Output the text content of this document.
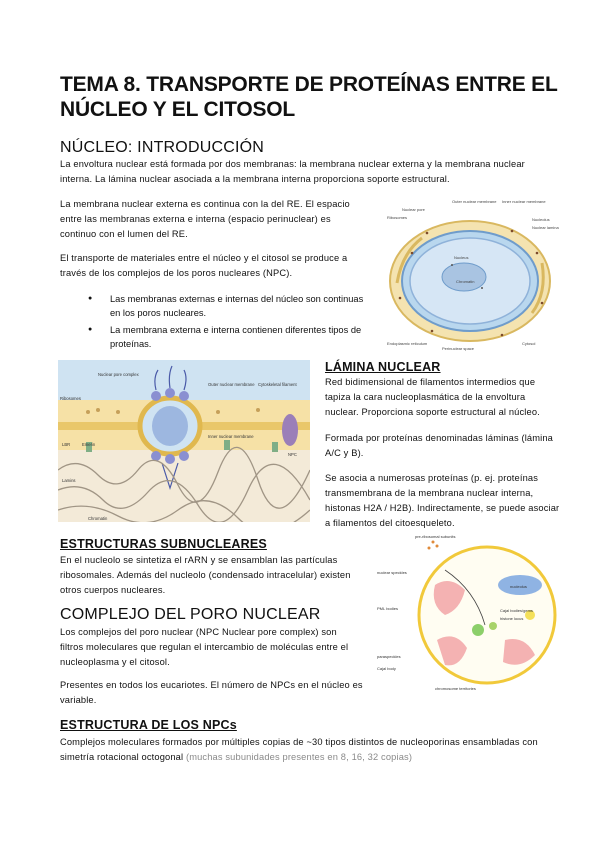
TEMA 8. TRANSPORTE DE PROTEÍNAS ENTRE EL NÚCLEO Y EL CITOSOL
NÚCLEO: INTRODUCCIÓN
La envoltura nuclear está formada por dos membranas: la membrana nuclear externa y la membrana nuclear interna. La lámina nuclear asociada a la membrana interna proporciona soporte estructural.
La membrana nuclear externa es continua con la del RE. El espacio entre las membranas externa e interna (espacio perinuclear) es continuo con el lumen del RE.
El transporte de materiales entre el núcleo y el citosol se produce a través de los complejos de los poros nucleares (NPC).
● Las membranas externas e internas del núcleo son continuas en los poros nucleares.
● La membrana externa e interna contienen diferentes tipos de proteínas.
Nuclear pore
Ribosomes
Outer nuclear membrane Inner nuclear membrane
Nucleolus
Nuclear lamina
Nucleus
Chromatin
Endoplasmic reticulum
Perinuclear space
Cytosol
Nuclear pore complex
Ribosomes
Outer nuclear membrane Cytoskeletal filament
Inner nuclear membrane
LBR	Emerin
NPC
Lamins
Chromatin
LÁMINA NUCLEAR
Red bidimensional de filamentos intermedios que tapiza la cara nucleoplasmática de la envoltura nuclear. Proporciona soporte estructural al núcleo.
Formada por proteínas denominadas láminas (lámina A/C y B).
Se asocia a numerosas proteínas (p. ej. proteínas transmembrana de la membrana nuclear interna, histonas H2A / H2B). Indirectamente, se puede asociar a filamentos del citoesqueleto.
ESTRUCTURAS SUBNUCLEARES
En el nucleolo se sintetiza el rARN y se ensamblan las partículas ribosomales. Además del nucleolo (condensado intracelular) existen otros cuerpos nucleares.
pre-ribosomal subunits
nuclear speckles
nucleolus
PML bodies	Cajal bodies/gems
histone locus
paraspeckles
chromosome territories
Cajal body
COMPLEJO DEL PORO NUCLEAR
Los complejos del poro nuclear (NPC Nuclear pore complex) son filtros moleculares que regulan el intercambio de moléculas entre el nucleoplasma y el citosol.
Presentes en todos los eucariotes. El número de NPCs en el núcleo es variable.
ESTRUCTURA DE LOS NPCs
Complejos moleculares formados por múltiples copias de ~30 tipos distintos de nucleoporinas ensambladas con simetría rotacional octogonal (muchas subunidades presentes en 8, 16, 32 copias)
